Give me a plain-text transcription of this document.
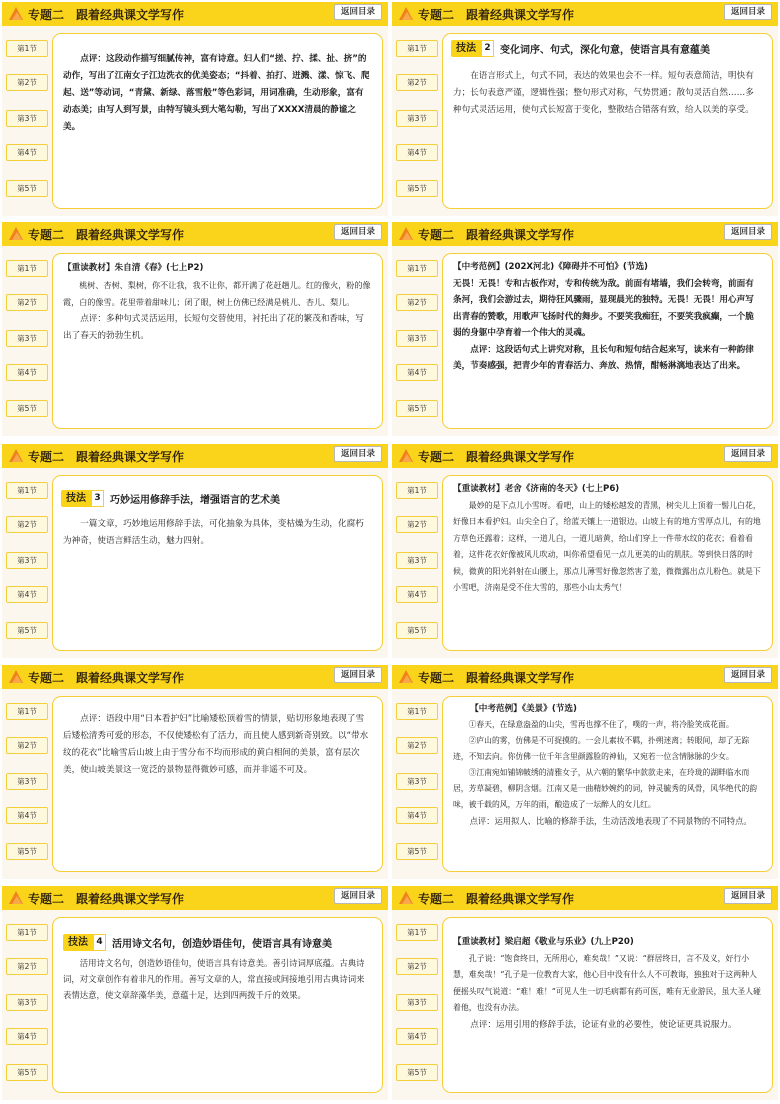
专题二　跟着经典课文学写作	返回目录
第1节
第2节
第3节
第4节
第5节

点评：这段动作描写细腻传神，富有诗意。妇人们“搓、拧、揉、扯、挤”的动作，写出了江南女子江边洗衣的优美姿态；“抖着、拍打、迸溅、漾、惊飞、爬起、送”等动词，“青黛、新绿、落雪般”等色彩词，用词准确，生动形象，富有动态美；由写人到写景，由特写镜头到大笔勾勒，写出了XXXX清晨的静谧之美。

专题二　跟着经典课文学写作	返回目录
第1节
第2节
第3节
第4节
第5节
技法 2 变化词序、句式，深化句意，使语言具有意蕴美

在语言形式上，句式不同，表达的效果也会不一样。短句表意简洁，明快有力；长句表意严谨，逻辑性强；整句形式对称，气势贯通；散句灵活自然……多种句式灵活运用，使句式长短富于变化，整散结合错落有致，给人以美的享受。

专题二　跟着经典课文学写作	返回目录
第1节
第2节
第3节
第4节
第5节

【重读教材】朱自清《春》(七上P2)

桃树、杏树、梨树，你不让我，我不让你，都开满了花赶趟儿。红的像火，粉的像霞，白的像雪。花里带着甜味儿；闭了眼，树上仿佛已经满是桃儿、杏儿、梨儿。

点评：多种句式灵活运用，长短句交替使用，衬托出了花的繁茂和香味，写出了春天的勃勃生机。

专题二　跟着经典课文学写作	返回目录
第1节
第2节
第3节
第4节
第5节

【中考范例】(202X河北)《障碍并不可怕》(节选)

无畏！无畏！专和古板作对，专和传统为敌。前面有堵墙，我们会转弯，前面有条河，我们会游过去，期待狂风骤雨，显现晨光的独特。无畏！无畏！用心声写出青春的赞歌，用歌声飞扬时代的舞步。不要笑我痴狂，不要笑我疯癫，一个脆弱的身躯中孕育着一个伟大的灵魂。

点评：这段话句式上讲究对称，且长句和短句结合起来写，读来有一种韵律美，节奏感强，把青少年的青春活力、奔放、热情，酣畅淋漓地表达了出来。

专题二　跟着经典课文学写作	返回目录
第1节
第2节
第3节
第4节
第5节
技法 3 巧妙运用修辞手法，增强语言的艺术美

一篇文章，巧妙地运用修辞手法，可化抽象为具体，变枯燥为生动，化腐朽为神奇，使语言鲜活生动，魅力四射。

专题二　跟着经典课文学写作	返回目录
第1节
第2节
第3节
第4节
第5节

【重读教材】老舍《济南的冬天》(七上P6)

最妙的是下点儿小雪呀。看吧，山上的矮松越发的青黑，树尖儿上顶着一髻儿白花，好像日本看护妇。山尖全白了，给蓝天镶上一道银边。山坡上有的地方雪厚点儿，有的地方草色还露着；这样，一道儿白，一道儿暗黄，给山们穿上一件带水纹的花衣；看着看着，这件花衣好像被风儿吹动，叫你希望看见一点儿更美的山的肌肤。等到快日落的时候，微黄的阳光斜射在山腰上，那点儿薄雪好像忽然害了羞，微微露出点儿粉色。就是下小雪吧，济南是受不住大雪的，那些小山太秀气！

专题二　跟着经典课文学写作	返回目录
第1节
第2节
第3节
第4节
第5节

点评：语段中用“日本看护妇”比喻矮松顶着雪的情景，贴切形象地表现了雪后矮松清秀可爱的形态，不仅使矮松有了活力，而且使人感到新奇别致。以“带水纹的花衣”比喻雪后山坡上由于雪分布不均而形成的黄白相间的美景，富有层次美，使山坡美景这一宽泛的景物显得微妙可感，而并非遥不可及。

专题二　跟着经典课文学写作	返回目录
第1节
第2节
第3节
第4节
第5节

【中考范例】《美景》(节选)

①春天，在绿意盎盈的山尖，雪再也撑不住了，噗的一声，将冷脸笑成花面。

②庐山的雾，仿佛是不可捉摸的。一会儿素妆不羁，扑朔迷离；转眼间，却了无踪迹，不知去向。你仿佛一位千年含里颜露脸的神仙，又宛若一位含情脉脉的少女。

③江南宛如铺锦帔绣的清雅女子，从六朝的繁华中款款走来，在玲珑的湖畔临水而居，芳草凝碧，柳阴含烟。江南又是一曲精妙婉约的词，钟灵毓秀的风骨，风华绝代的韵味，被千载的风，万年的雨，酿造成了一坛醉人的女儿红。

点评：运用拟人、比喻的修辞手法，生动活泼地表现了不同景物的不同特点。

专题二　跟着经典课文学写作	返回目录
第1节
第2节
第3节
第4节
第5节
技法 4 活用诗文名句，创造妙语佳句，使语言具有诗意美

活用诗文名句，创造妙语佳句，使语言具有诗意美。善引诗词厚底蕴。古典诗词，对文章创作有着非凡的作用。善写文章的人，常直接或间接地引用古典诗词来表情达意，使文章辞藻华美，意蕴十足，达到四两拨千斤的效果。

专题二　跟着经典课文学写作	返回目录
第1节
第2节
第3节
第4节
第5节

【重读教材】梁启超《敬业与乐业》(九上P20)

孔子说：“饱食终日，无所用心，难矣哉！”又说：“群居终日，言不及义，好行小慧，难矣哉！”孔子是一位教育大家，他心目中没有什么人不可教诲，独独对于这两种人便摇头叹气说道：“难！难！”可见人生一切毛病都有药可医，唯有无业游民，虽大圣人碰着他，也没有办法。

点评：运用引用的修辞手法，论证有业的必要性，使论证更具说服力。
